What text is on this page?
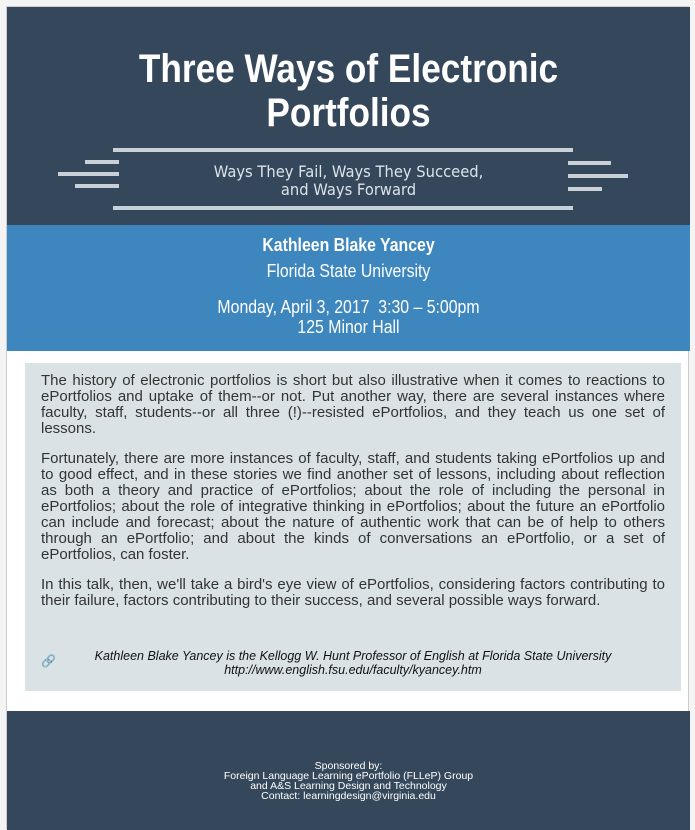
Three Ways of Electronic
Portfolios
Ways They Fail, Ways They Succeed,
and Ways Forward
Kathleen Blake Yancey
Florida State University
Monday, April 3, 2017  3:30 – 5:00pm
125 Minor Hall

The history of electronic portfolios is short but also illustrative when it comes to reactions to ePortfolios and uptake of them--or not. Put another way, there are several instances where faculty, staff, students--or all three (!)--resisted ePortfolios, and they teach us one set of lessons.

Fortunately, there are more instances of faculty, staff, and students taking ePortfolios up and to good effect, and in these stories we find another set of lessons, including about reflection as both a theory and practice of ePortfolios; about the role of including the personal in ePortfolios; about the role of integrative thinking in ePortfolios; about the future an ePortfolio can include and forecast; about the nature of authentic work that can be of help to others through an ePortfolio; and about the kinds of conversations an ePortfolio, or a set of ePortfolios, can foster.

In this talk, then, we'll take a bird's eye view of ePortfolios, considering factors contributing to their failure, factors contributing to their success, and several possible ways forward.

🔗	Kathleen Blake Yancey is the Kellogg W. Hunt Professor of English at Florida State University
http://www.english.fsu.edu/faculty/kyancey.htm
Sponsored by:
Foreign Language Learning ePortfolio (FLLeP) Group
and A&S Learning Design and Technology
Contact: learningdesign@virginia.edu
